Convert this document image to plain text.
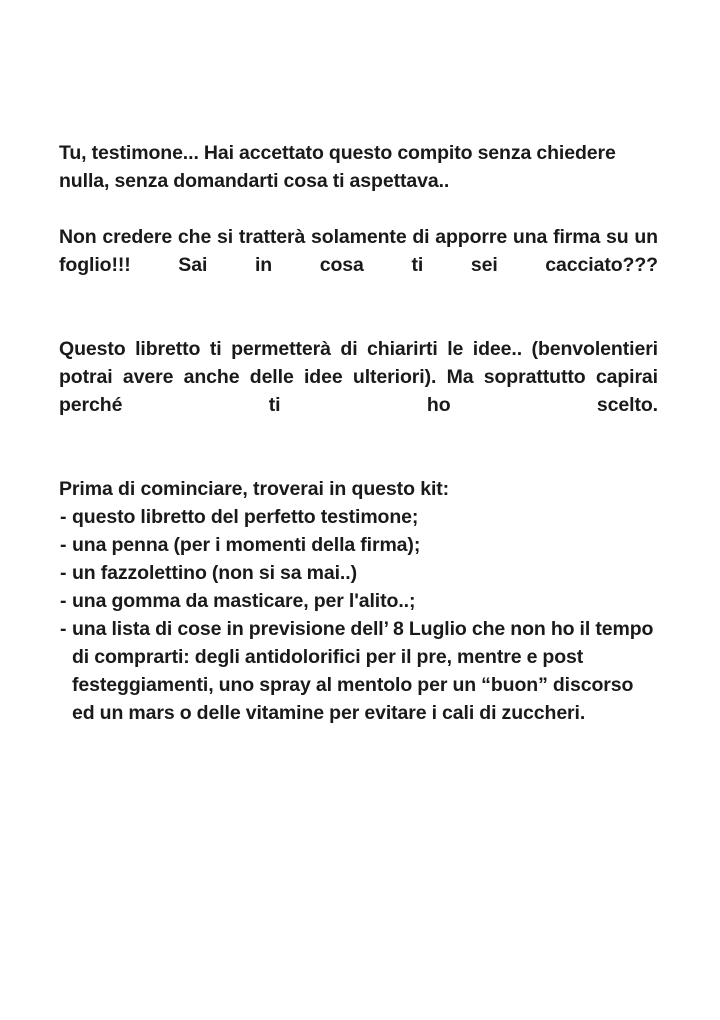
Tu, testimone... Hai accettato questo compito senza chiedere nulla, senza domandarti cosa ti aspettava..

Non credere che si tratterà solamente di apporre una firma su un foglio!!! Sai in cosa ti sei cacciato???

Questo libretto ti permetterà di chiarirti le idee.. (benvolentieri potrai avere anche delle idee ulteriori). Ma soprattutto capirai perché ti ho scelto.

Prima di cominciare, troverai in questo kit:

- questo libretto del perfetto testimone;
- una penna (per i momenti della firma);
- un fazzolettino (non si sa mai..)
- una gomma da masticare, per l'alito..;
- una lista di cose in previsione dell’ 8 Luglio che non ho il tempo di comprarti: degli antidolorifici per il pre, mentre e post festeggiamenti, uno spray al mentolo per un “buon” discorso ed un mars o delle vitamine per evitare i cali di zuccheri.
